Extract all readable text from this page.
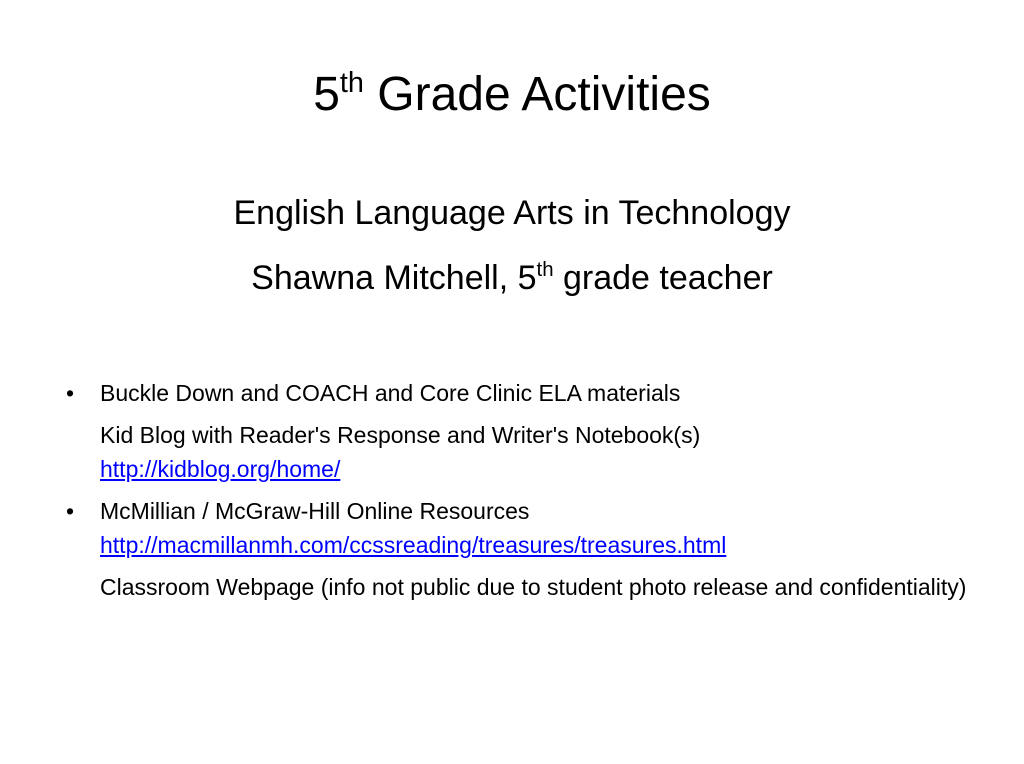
5th Grade Activities
English Language Arts in Technology
Shawna Mitchell, 5th grade teacher
• Buckle Down and COACH and Core Clinic ELA materials
Kid Blog with Reader's Response and Writer's Notebook(s)
http://kidblog.org/home/
• McMillian / McGraw-Hill Online Resources
http://macmillanmh.com/ccssreading/treasures/treasures.html
Classroom Webpage (info not public due to student photo release and confidentiality)
